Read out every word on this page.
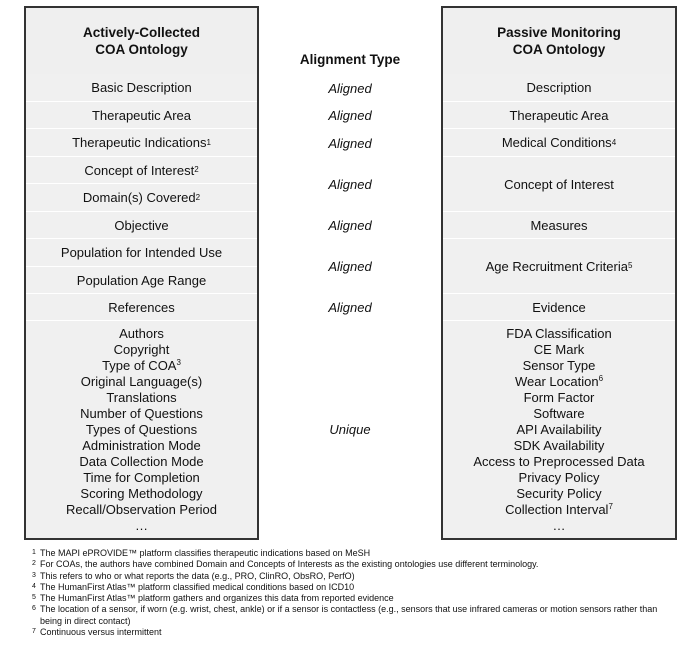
Actively-Collected
COA Ontology
Basic Description
Therapeutic Area
Therapeutic Indications 1
Concept of Interest 2
Domain(s) Covered 2
Objective
Population for Intended Use
Population Age Range
References
Authors
Copyright
Type of COA$^3$
Original Language(s)
Translations
Number of Questions
Types of Questions
Administration Mode
Data Collection Mode
Time for Completion
Scoring Methodology
Recall/Observation Period
…
Alignment Type
Aligned
Aligned
Aligned
Aligned
Aligned
Aligned
Aligned
Unique
Passive Monitoring
COA Ontology
Description
Therapeutic Area
Medical Conditions 4
Concept of Interest
Measures
Age Recruitment Criteria 5
Evidence
FDA Classification
CE Mark
Sensor Type
Wear Location$^6$
Form Factor
Software
API Availability
SDK Availability
Access to Preprocessed Data
Privacy Policy
Security Policy
Collection Interval$^7$
…
1 The MAPI ePROVIDE™ platform classifies therapeutic indications based on MeSH
2 For COAs, the authors have combined Domain and Concepts of Interests as the existing ontologies use different terminology.
3 This refers to who or what reports the data (e.g., PRO, ClinRO, ObsRO, PerfO)
4 The HumanFirst Atlas™ platform classified medical conditions based on ICD10
5 The HumanFirst Atlas™ platform gathers and organizes this data from reported evidence
6 The location of a sensor, if worn (e.g. wrist, chest, ankle) or if a sensor is contactless (e.g., sensors that use infrared cameras or motion sensors rather than being in direct contact)
7 Continuous versus intermittent
